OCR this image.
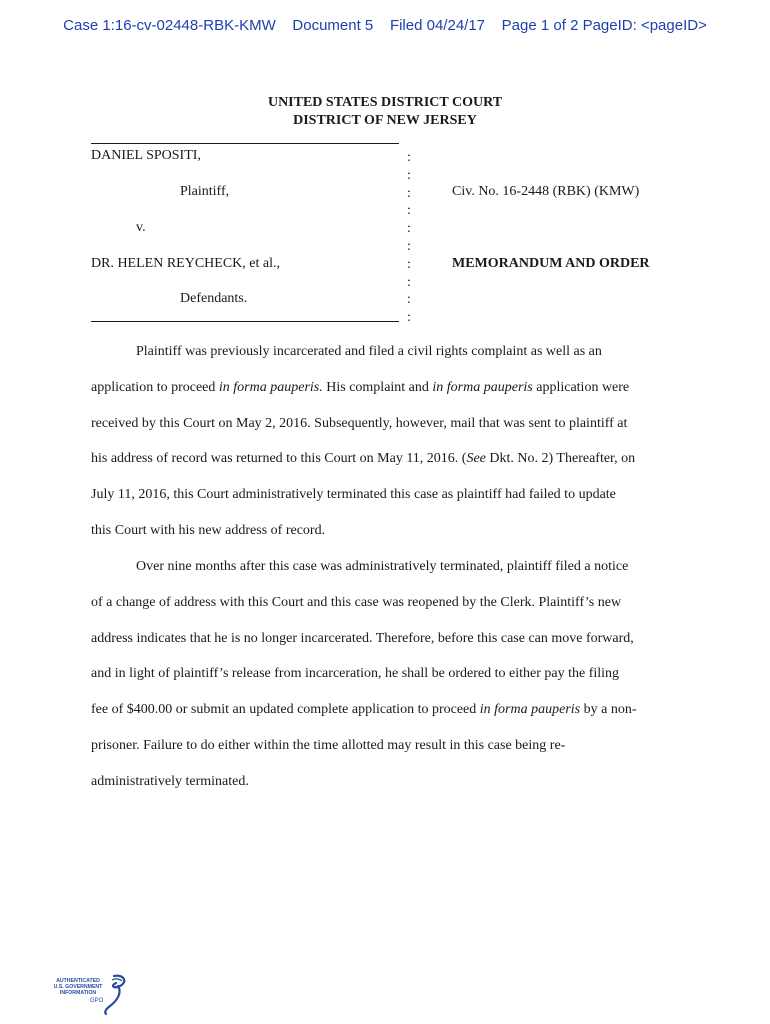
Case 1:16-cv-02448-RBK-KMW    Document 5    Filed 04/24/17    Page 1 of 2 PageID: <pageID>
UNITED STATES DISTRICT COURT
DISTRICT OF NEW JERSEY
DANIEL SPOSITI,
Plaintiff,
v.
DR. HELEN REYCHECK, et al.,
Defendants.
Civ. No. 16-2448 (RBK) (KMW)
MEMORANDUM AND ORDER
:
:
:
:
:
:
:
:
:
:
Plaintiff was previously incarcerated and filed a civil rights complaint as well as an
application to proceed in forma pauperis. His complaint and in forma pauperis application were
received by this Court on May 2, 2016. Subsequently, however, mail that was sent to plaintiff at
his address of record was returned to this Court on May 11, 2016. (See Dkt. No. 2) Thereafter, on
July 11, 2016, this Court administratively terminated this case as plaintiff had failed to update
this Court with his new address of record.
Over nine months after this case was administratively terminated, plaintiff filed a notice
of a change of address with this Court and this case was reopened by the Clerk. Plaintiff’s new
address indicates that he is no longer incarcerated. Therefore, before this case can move forward,
and in light of plaintiff’s release from incarceration, he shall be ordered to either pay the filing
fee of $400.00 or submit an updated complete application to proceed in forma pauperis by a non-
prisoner. Failure to do either within the time allotted may result in this case being re-
administratively terminated.
AUTHENTICATED
U.S. GOVERNMENT
INFORMATION
GPO
